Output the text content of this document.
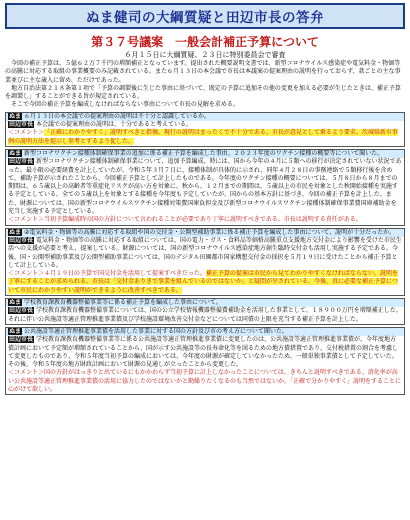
ぬま健司の大綱質疑と田辺市長の答弁
第３７号議案　一般会計補正予算について
６月１５日に大綱質疑、２３日に特別委員会で審査

今回の補正予算は、５億６２万７千円の増額補正となっています。提出された概要説明文書では、新型コロナウイルス感染症や電気料金・物価等の高騰に対応する取組の事業概要のみ記載されている。また６月１３日の本会議で市長は本議案の提案理由の説明を行っておらず、款ごとの主な事業並びに主な歳入に留め、ただけであった。

地方自治法第２１８条第１項で「予算の調製後に生じた事由に基づいて、既定の予算に追加その他の変更を加える必要が生じたときは、補正予算を調製し」することができる旨が規定されている。

そこで今回の補正予算を編成しなければならない事由について市長の見解を求める。

ぬま ６月１３日の本会議での提案理由の説明は不十分と認識しているか。
田辺市長 本会議での提案理由の説明は、十分であると考えている。
＜コメント＞「正確にわかりやすく」説明すべきと指摘。現行の説明はまったくで不十分である。市長が意見として乗るよう要求。茨城県新市事例の説明方法を提示し参考とするよう促した。
ぬま 新型コロナワクチン接種体制確保事業の追加に係る補正予算を編成した事由、２０２３年度のワクチン接種の概要等について聞いた。
田辺市長 新型コロナワクチン接種体制確保事業について、追加予算編成、時には、国から今年の４月に５類への移行が決定されていない状況であった。最小限の必要経費を計上していたが、令和５年３月７日に、接種体制が具体的に示され、同年４月２８日の事務連絡で５類移行後を含めて、補助予算が示されたことから、今回補正予算として計上したものである。今年度のワクチン接種の概要については、５月８日から８月までの期間は、６５歳以上の高齢者等重症化リスクが高い方を対象に、秋から、１２月までの期間は、５歳以上の市民を対象とした秋開始接種を実施する予定としている。全ての５歳以上を対象とする接種を今年度も予定していたが、国からの基本方針に基づき、今回の補正予算を計上した。また、財源については、国の新型コロナウイルスワクチン接種対策費国庫負担金及び新型コロナウイルスワクチン接種体制確保事業費国庫補助金を充当し実施する予定としている。
＜コメント＞当初予算編成時の国の方針について言われることが必要であり丁寧に説明すべきである。市長は説明する責任がある。
ぬま ②電気料金・物価等の高騰に対応する取組や国の交付金・公開型補助事業に係る補正予算を編成した事由について、説明が十分だったか。
田辺市長 電気料金・物価等の高騰に対応する取組については、国の電力・ガス・食料品等価格高騰重点支援地方交付金により影響を受けた市民生活への支援が必要と考え、提案している。財源については、国の新型コロナウイルス感染症地方創生臨時交付金も活用し実施する予定である。今後、国・公開型補助事業及び公開型補助事業については、国のデジタル田園都市国家構想交付金の採択を５月１９日に受けたことから補正予算として計上している。
＜コメント＞４月１９日の予算で国交付金を活用して提案すべきだった。補正予算の提案は市民から見てわかりやすくなければならない。説明を丁寧にすることが求められる。市長は「交付金ありきで事業を組んでいるのではないか」と疑問が呈されている。今後、真に必要な補正予算について市民にわかりやすい説明ができるように改善すべきである。
ぬま 学校教育課教育機器整備事業等に係る補正予算を編成した事由について。
田辺市長 学校教育課教育機器整備事業については、国の公立学校情報機器整備費補助金を活用した事業として、１８９００万円を増額補正した。それに伴い公共施設等適正管理推進事業債及び学校施設環境改善交付金などについては同債の上限を充当する補正予算を計上した。
ぬま 公共施設等適正管理推進事業債を活用した事業に対する国の方針及び市の考え方について聞いた。
田辺市長 学校教育課教育機器整備事業等に係る公共施設等適正管理推進事業債に変更したのは、公共施設等適正管理推進事業債が、今年度地方債計画において予定額が増額されていることから、国が示す公共施設等の長寿命化等を図るための地方債措置であり、交付税措置の割合を考慮して変更したものであり、令和５年度当初予算の編成においては、今年度の財源が確定していなかったため、一般単独事業債として予定していた。その後、令和５年度の地方財政計画において財源の見通しが立ったことから変更した。
＜コメント＞国の方針がはっきりと出ているにもかかわらず当初予算に計上しなかったことについては、きちんと説明すべきである。消化率が高い公共施設等適正管理推進事業債の活用に協力したのではないかと勘繰りたくなるのも当然ではないか。「正確で分かりやすく」説明をすることに心がけて欲しい。
